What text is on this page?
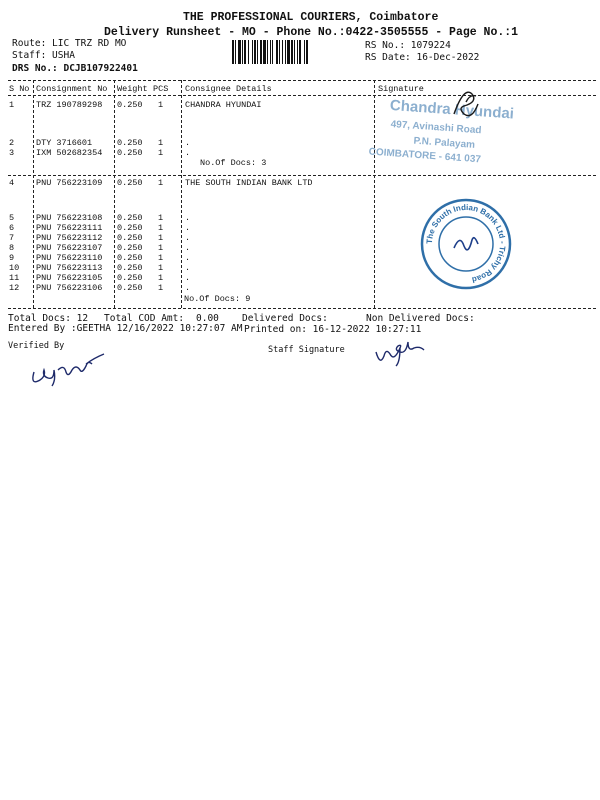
THE PROFESSIONAL COURIERS, Coimbatore
Delivery Runsheet - MO - Phone No.:0422-3505555 - Page No.:1
Route: LIC TRZ RD MO
Staff: USHA
DRS No.: DCJB107922401
RS No.: 1079224
RS Date: 16-Dec-2022
S No Consignment No Weight PCS Consignee Details	Signature
1	TRZ 190789298 0.250 1	CHANDRA HYUNDAI
2	DTY 3716601	0.250 1	.
3	IXM 502682354 0.250 1	.
No.Of Docs: 3
4	PNU 756223109 0.250 1	THE SOUTH INDIAN BANK LTD
5	PNU 756223108 0.250 1	.
6	PNU 756223111 0.250 1	.
7	PNU 756223112 0.250 1	.
8	PNU 756223107 0.250 1	.
9	PNU 756223110 0.250 1	.
10 PNU 756223113 0.250 1	.
11 PNU 756223105 0.250 1	.
12 PNU 756223106 0.250 1	.
No.Of Docs: 9
Chandra Hyundai
497, Avinashi Road
P.N. Palayam
COIMBATORE - 641 037
The South Indian Bank Ltd - Trichy Road
Total Docs: 12 Total COD Amt: 0.00 Delivered Docs:	Non Delivered Docs:
Entered By :GEETHA 12/16/2022 10:27:07 AM Printed on: 16-12-2022 10:27:11
Verified By	Staff Signature
